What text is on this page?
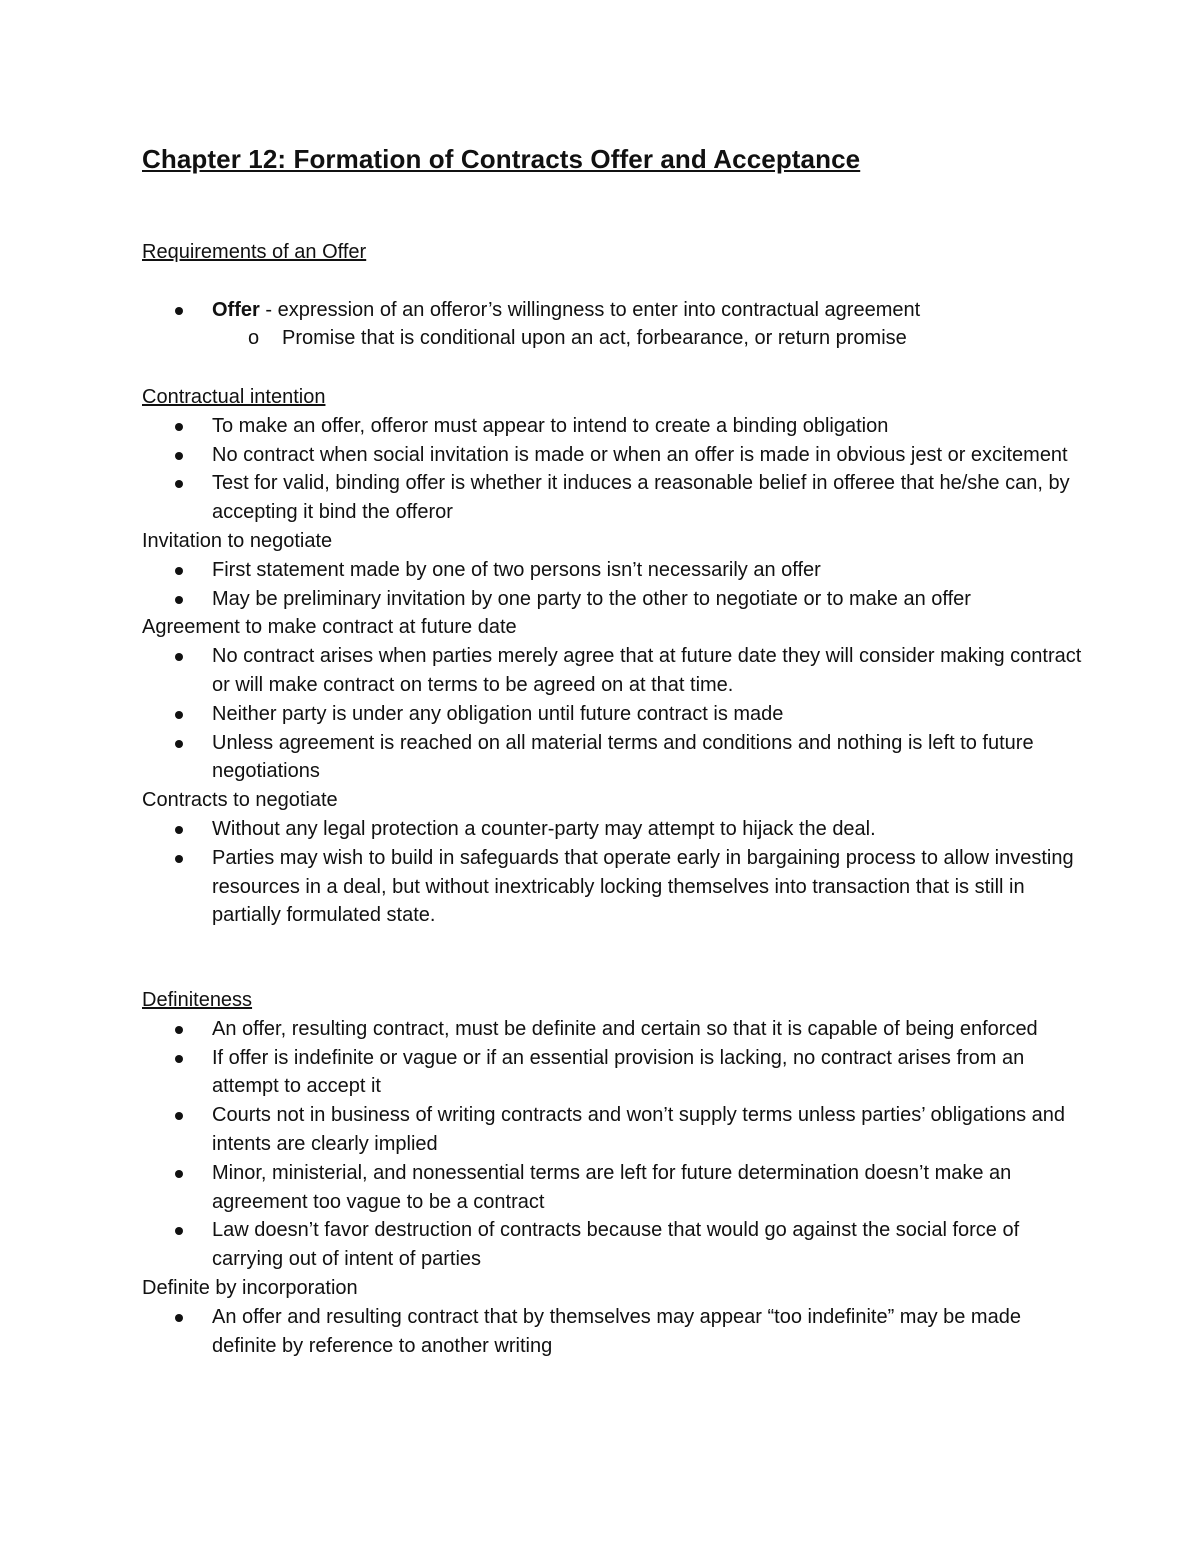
Chapter 12: Formation of Contracts Offer and Acceptance
Requirements of an Offer
Offer - expression of an offeror’s willingness to enter into contractual agreement
o Promise that is conditional upon an act, forbearance, or return promise
Contractual intention
To make an offer, offeror must appear to intend to create a binding obligation
No contract when social invitation is made or when an offer is made in obvious jest or excitement
Test for valid, binding offer is whether it induces a reasonable belief in offeree that he/she can, by accepting it bind the offeror
Invitation to negotiate
First statement made by one of two persons isn’t necessarily an offer
May be preliminary invitation by one party to the other to negotiate or to make an offer
Agreement to make contract at future date
No contract arises when parties merely agree that at future date they will consider making contract or will make contract on terms to be agreed on at that time.
Neither party is under any obligation until future contract is made
Unless agreement is reached on all material terms and conditions and nothing is left to future negotiations
Contracts to negotiate
Without any legal protection a counter-party may attempt to hijack the deal.
Parties may wish to build in safeguards that operate early in bargaining process to allow investing resources in a deal, but without inextricably locking themselves into transaction that is still in partially formulated state.
Definiteness
An offer, resulting contract, must be definite and certain so that it is capable of being enforced
If offer is indefinite or vague or if an essential provision is lacking, no contract arises from an attempt to accept it
Courts not in business of writing contracts and won’t supply terms unless parties’ obligations and intents are clearly implied
Minor, ministerial, and nonessential terms are left for future determination doesn’t make an agreement too vague to be a contract
Law doesn’t favor destruction of contracts because that would go against the social force of carrying out of intent of parties
Definite by incorporation
An offer and resulting contract that by themselves may appear “too indefinite” may be made definite by reference to another writing
